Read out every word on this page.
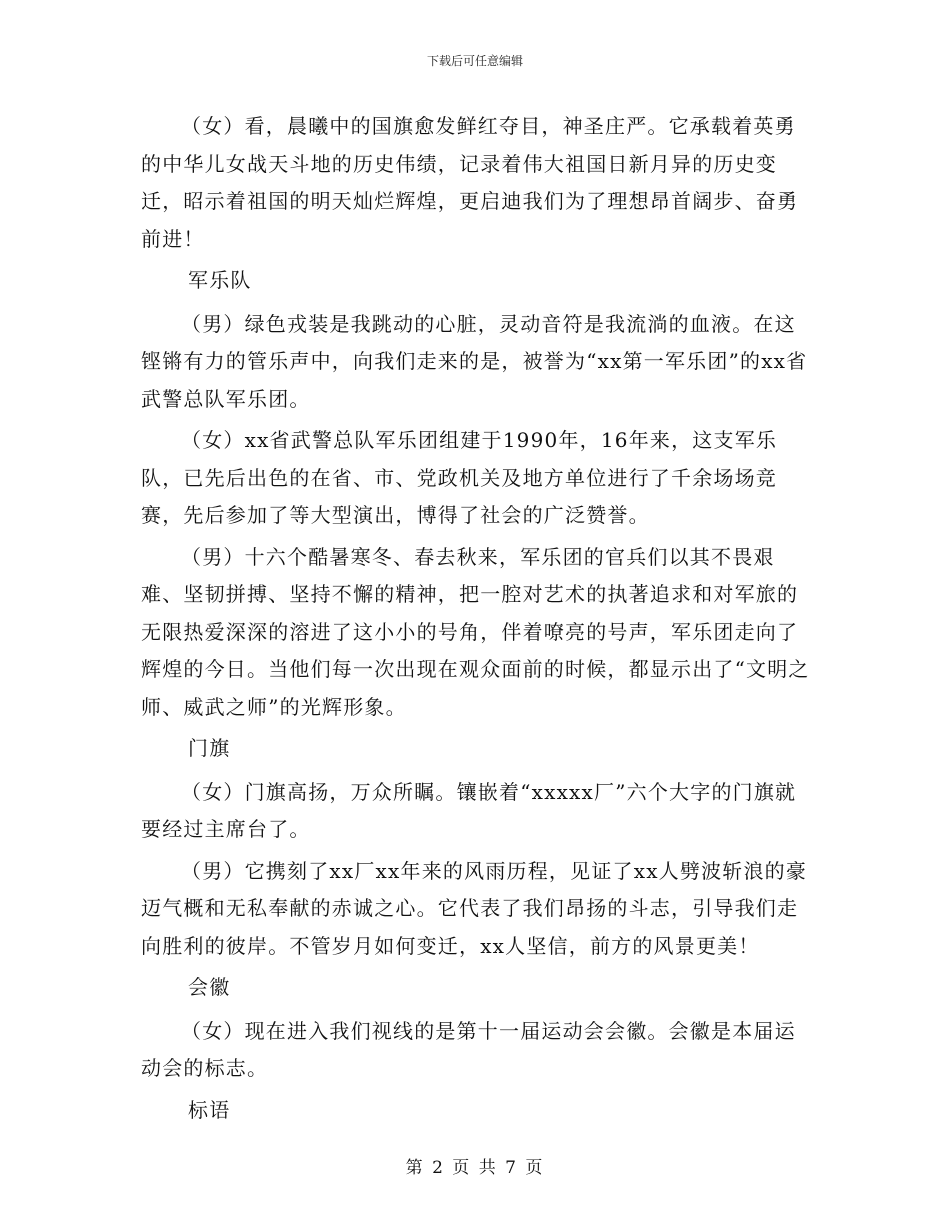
下载后可任意编辑

（女）看，晨曦中的国旗愈发鲜红夺目，神圣庄严。它承载着英勇的中华儿女战天斗地的历史伟绩，记录着伟大祖国日新月异的历史变迁，昭示着祖国的明天灿烂辉煌，更启迪我们为了理想昂首阔步、奋勇前进！

军乐队

（男）绿色戎装是我跳动的心脏，灵动音符是我流淌的血液。在这铿锵有力的管乐声中，向我们走来的是，被誉为“xx第一军乐团”的xx省武警总队军乐团。

（女）xx省武警总队军乐团组建于1990年，16年来，这支军乐队，已先后出色的在省、市、党政机关及地方单位进行了千余场场竞赛，先后参加了等大型演出，博得了社会的广泛赞誉。

（男）十六个酷暑寒冬、春去秋来，军乐团的官兵们以其不畏艰难、坚韧拼搏、坚持不懈的精神，把一腔对艺术的执著追求和对军旅的无限热爱深深的溶进了这小小的号角，伴着嘹亮的号声，军乐团走向了辉煌的今日。当他们每一次出现在观众面前的时候，都显示出了“文明之师、威武之师”的光辉形象。

门旗

（女）门旗高扬，万众所瞩。镶嵌着“xxxxx厂”六个大字的门旗就要经过主席台了。

（男）它携刻了xx厂xx年来的风雨历程，见证了xx人劈波斩浪的豪迈气概和无私奉献的赤诚之心。它代表了我们昂扬的斗志，引导我们走向胜利的彼岸。不管岁月如何变迁，xx人坚信，前方的风景更美！

会徽

（女）现在进入我们视线的是第十一届运动会会徽。会徽是本届运动会的标志。

标语

第 2 页 共 7 页
